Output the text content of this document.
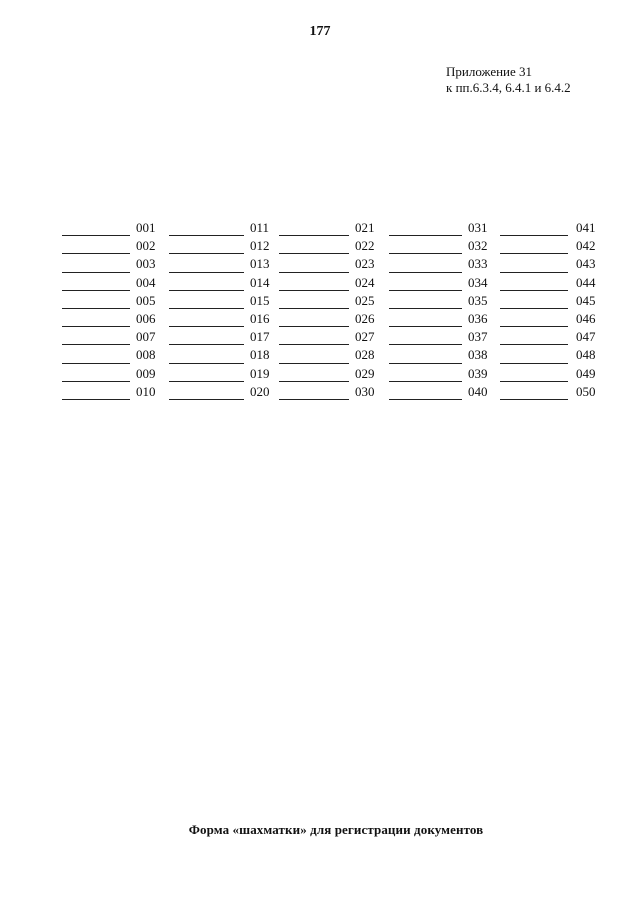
177
Приложение 31
к пп.6.3.4, 6.4.1 и 6.4.2
001
002
003
004
005
006
007
008
009
010
011
012
013
014
015
016
017
018
019
020
021
022
023
024
025
026
027
028
029
030
031
032
033
034
035
036
037
038
039
040
041
042
043
044
045
046
047
048
049
050
Форма «шахматки» для регистрации документов
